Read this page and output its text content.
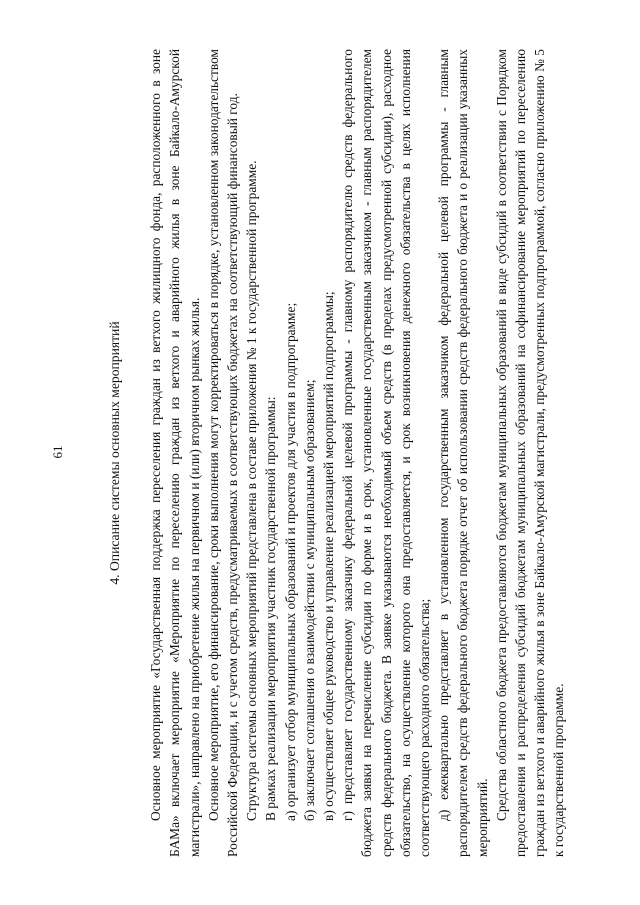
61	4. Описание системы основных мероприятий Основное мероприятие «Государственная поддержка переселения граждан из ветхого жилищного фонда, расположенного в зоне БАМа» включает мероприятие «Мероприятие по переселению граждан из ветхого и аварийного жилья в зоне Байкало-Амурской магистрали», направлено на приобретение жилья на первичном и (или) вторичном рынках жилья. Основное мероприятие, его финансирование, сроки выполнения могут корректироваться в порядке, установленном законодательством Российской Федерации, и с учетом средств, предусматриваемых в соответствующих бюджетах на соответствующий финансовый год. Структура системы основных мероприятий представлена в составе приложения № 1 к государственной программе. В рамках реализации мероприятия участник государственной программы: а) организует отбор муниципальных образований и проектов для участия в подпрограмме; б) заключает соглашения о взаимодействии с муниципальным образованием; в) осуществляет общее руководство и управление реализацией мероприятий подпрограммы; г) представляет государственному заказчику федеральной целевой программы - главному распорядителю средств федерального бюджета заявки на перечисление субсидии по форме и в срок, установленные государственным заказчиком - главным распорядителем средств федерального бюджета. В заявке указываются необходимый объем средств (в пределах предусмотренной субсидии), расходное обязательство, на осуществление которого она предоставляется, и срок возникновения денежного обязательства в целях исполнения соответствующего расходного обязательства; д) ежеквартально представляет в установленном государственным заказчиком федеральной целевой программы - главным распорядителем средств федерального бюджета порядке отчет об использовании средств федерального бюджета и о реализации указанных мероприятий. Средства областного бюджета предоставляются бюджетам муниципальных образований в виде субсидий в соответствии с Порядком предоставления и распределения субсидий бюджетам муниципальных образований на софинансирование мероприятий по переселению граждан из ветхого и аварийного жилья в зоне Байкало-Амурской магистрали, предусмотренных подпрограммой, согласно приложению № 5 к государственной программе.
